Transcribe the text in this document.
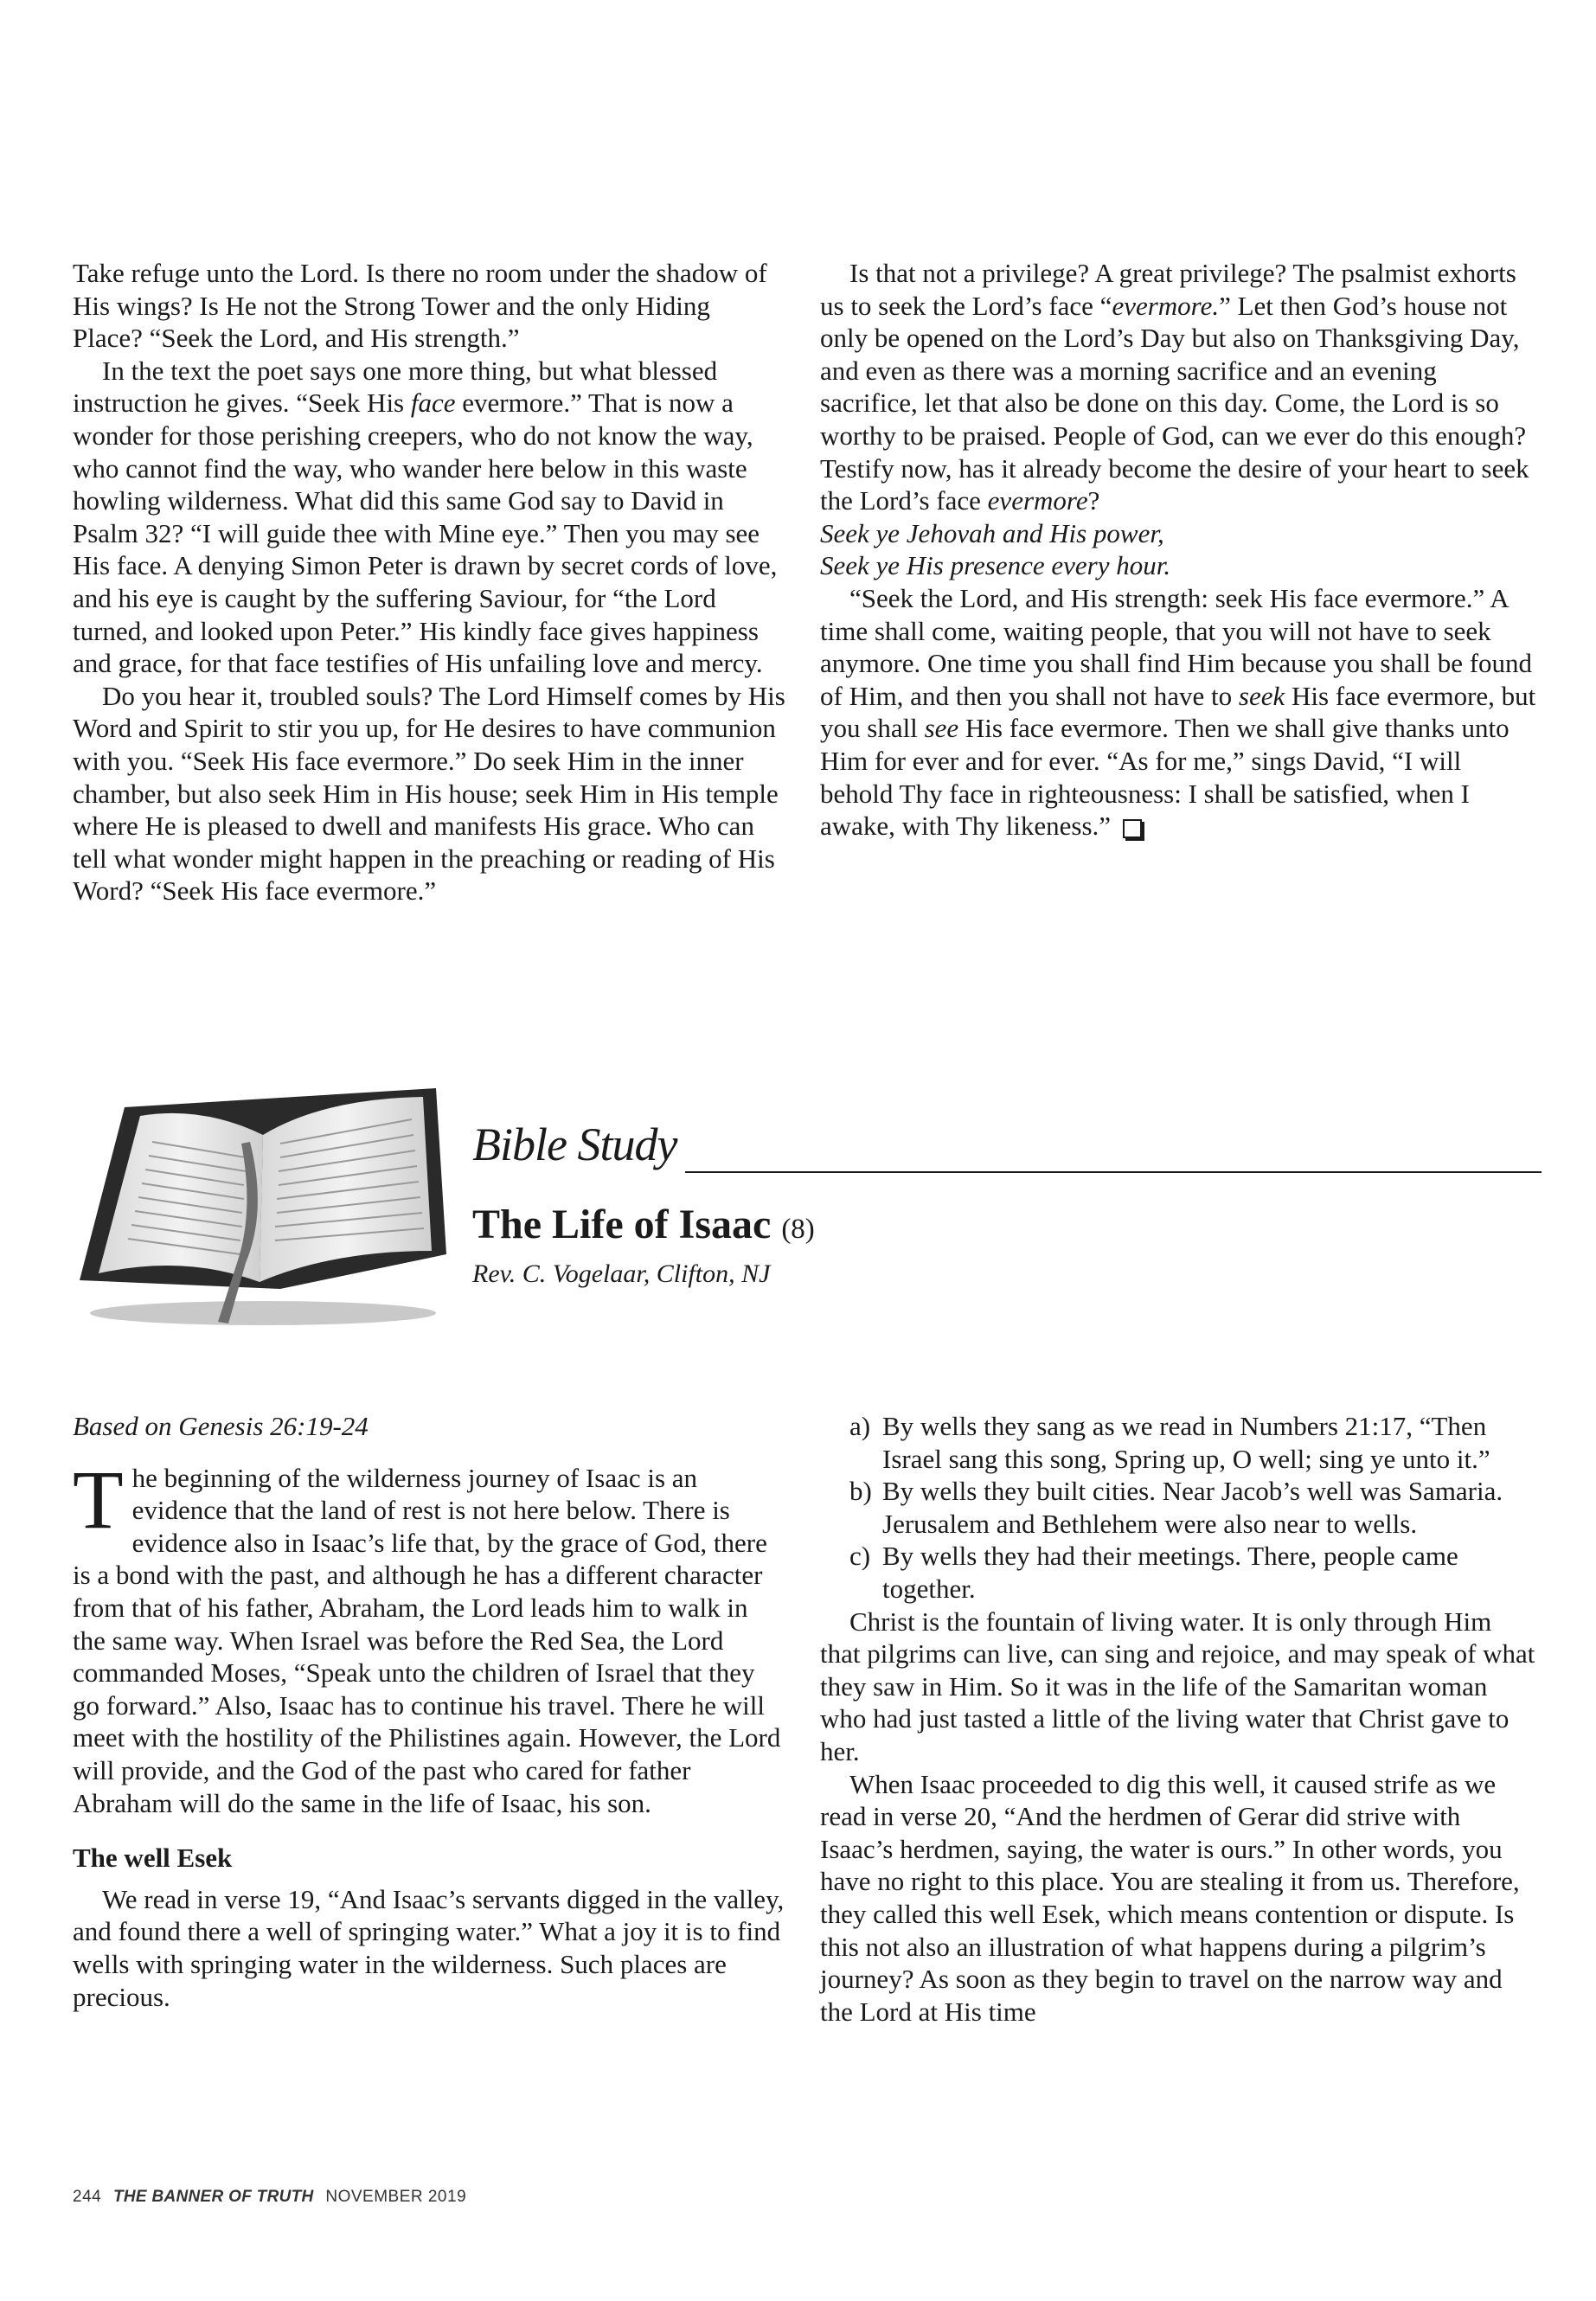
Take refuge unto the Lord. Is there no room under the shadow of His wings? Is He not the Strong Tower and the only Hiding Place? “Seek the Lord, and His strength.”

In the text the poet says one more thing, but what blessed instruction he gives. “Seek His face evermore.” That is now a wonder for those perishing creepers, who do not know the way, who cannot find the way, who wander here below in this waste howling wilderness. What did this same God say to David in Psalm 32? “I will guide thee with Mine eye.” Then you may see His face. A denying Simon Peter is drawn by secret cords of love, and his eye is caught by the suffering Saviour, for “the Lord turned, and looked upon Peter.” His kindly face gives happiness and grace, for that face testifies of His unfailing love and mercy.

Do you hear it, troubled souls? The Lord Himself comes by His Word and Spirit to stir you up, for He desires to have communion with you. “Seek His face evermore.” Do seek Him in the inner chamber, but also seek Him in His house; seek Him in His temple where He is pleased to dwell and manifests His grace. Who can tell what wonder might happen in the preaching or reading of His Word? “Seek His face evermore.”

Is that not a privilege? A great privilege? The psalmist exhorts us to seek the Lord’s face “evermore.” Let then God’s house not only be opened on the Lord’s Day but also on Thanksgiving Day, and even as there was a morning sacrifice and an evening sacrifice, let that also be done on this day. Come, the Lord is so worthy to be praised. People of God, can we ever do this enough? Testify now, has it already become the desire of your heart to seek the Lord’s face evermore?

Seek ye Jehovah and His power,

Seek ye His presence every hour.

“Seek the Lord, and His strength: seek His face evermore.” A time shall come, waiting people, that you will not have to seek anymore. One time you shall find Him because you shall be found of Him, and then you shall not have to seek His face evermore, but you shall see His face evermore. Then we shall give thanks unto Him for ever and for ever. “As for me,” sings David, “I will behold Thy face in righteousness: I shall be satisfied, when I awake, with Thy likeness.”

Bible Study
The Life of Isaac (8)
Rev. C. Vogelaar, Clifton, NJ

Based on Genesis 26:19-24

The beginning of the wilderness journey of Isaac is an evidence that the land of rest is not here below. There is evidence also in Isaac’s life that, by the grace of God, there is a bond with the past, and although he has a different character from that of his father, Abraham, the Lord leads him to walk in the same way. When Israel was before the Red Sea, the Lord commanded Moses, “Speak unto the children of Israel that they go forward.” Also, Isaac has to continue his travel. There he will meet with the hostility of the Philistines again. However, the Lord will provide, and the God of the past who cared for father Abraham will do the same in the life of Isaac, his son.

The well Esek

We read in verse 19, “And Isaac’s servants digged in the valley, and found there a well of springing water.” What a joy it is to find wells with springing water in the wilderness. Such places are precious.

a) By wells they sang as we read in Numbers 21:17, “Then Israel sang this song, Spring up, O well; sing ye unto it.”
b) By wells they built cities. Near Jacob’s well was Samaria. Jerusalem and Bethlehem were also near to wells.
c) By wells they had their meetings. There, people came together.

Christ is the fountain of living water. It is only through Him that pilgrims can live, can sing and rejoice, and may speak of what they saw in Him. So it was in the life of the Samaritan woman who had just tasted a little of the living water that Christ gave to her.

When Isaac proceeded to dig this well, it caused strife as we read in verse 20, “And the herdmen of Gerar did strive with Isaac’s herdmen, saying, the water is ours.” In other words, you have no right to this place. You are stealing it from us. Therefore, they called this well Esek, which means contention or dispute. Is this not also an illustration of what happens during a pilgrim’s journey? As soon as they begin to travel on the narrow way and the Lord at His time

244 THE BANNER OF TRUTH NOVEMBER 2019
